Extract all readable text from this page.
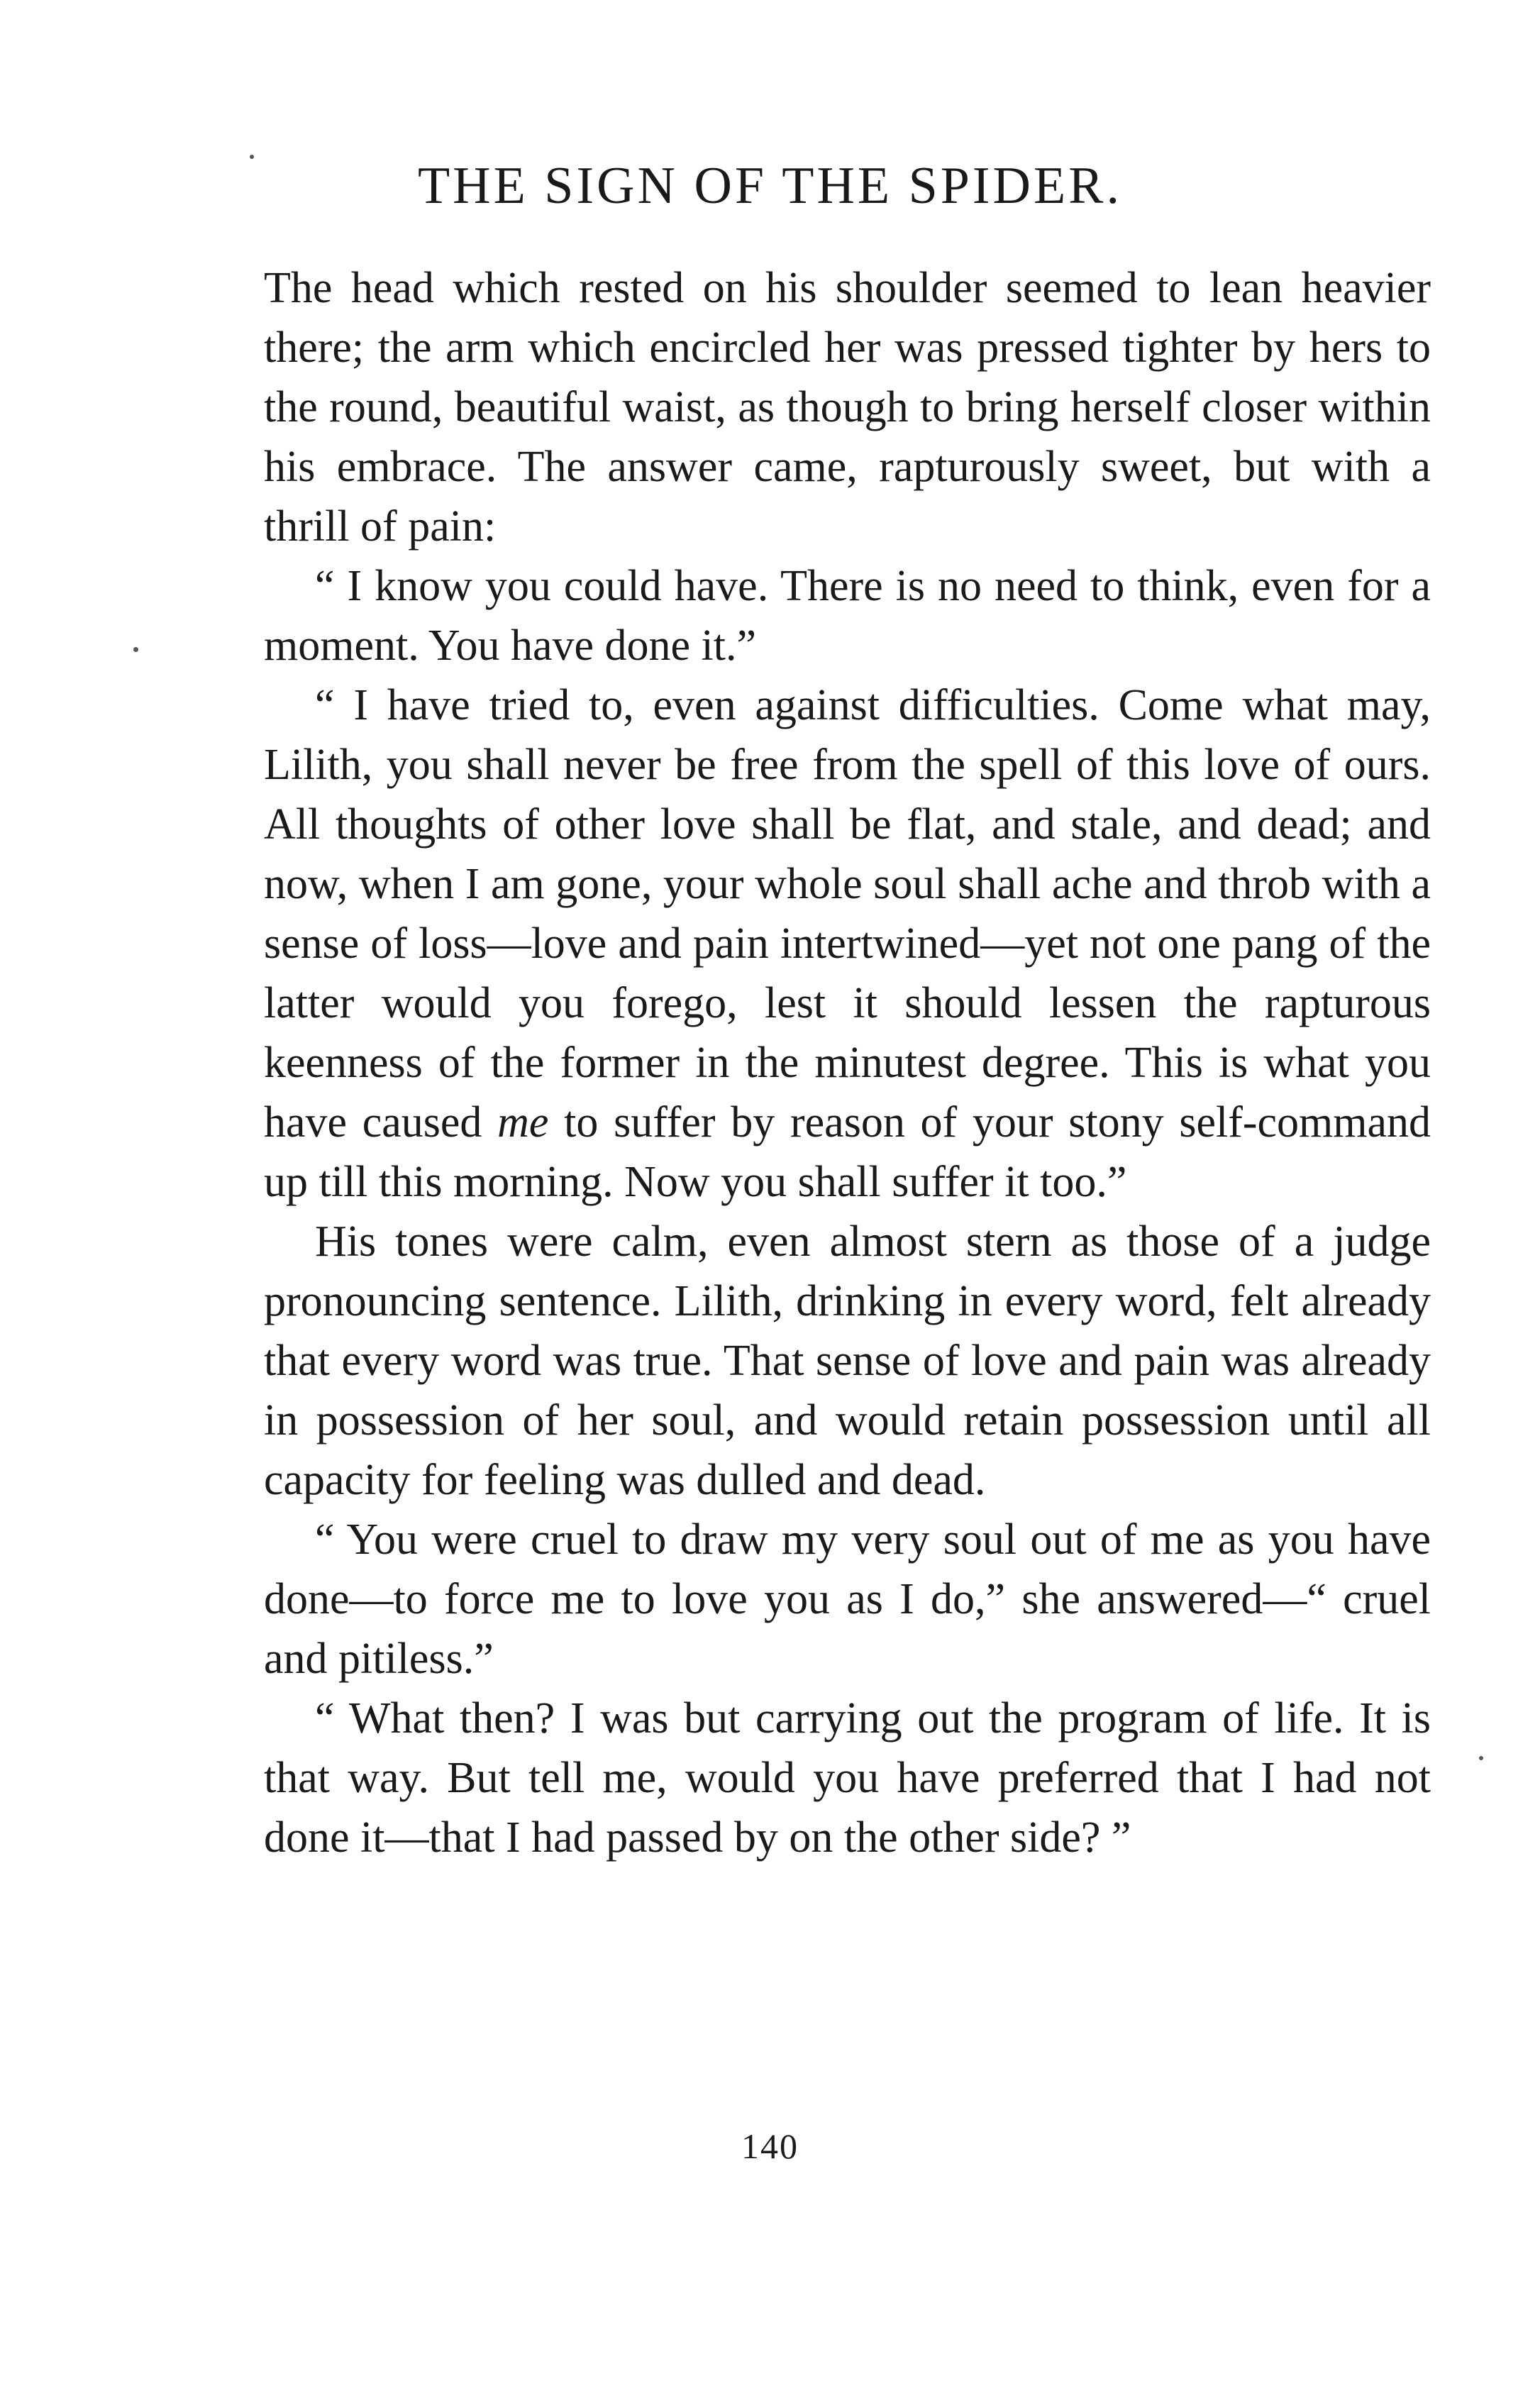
THE SIGN OF THE SPIDER.

The head which rested on his shoulder seemed to lean heavier there; the arm which encircled her was pressed tighter by hers to the round, beautiful waist, as though to bring herself closer within his embrace. The answer came, rapturously sweet, but with a thrill of pain:

“ I know you could have. There is no need to think, even for a moment. You have done it.”

“ I have tried to, even against difficulties. Come what may, Lilith, you shall never be free from the spell of this love of ours. All thoughts of other love shall be flat, and stale, and dead; and now, when I am gone, your whole soul shall ache and throb with a sense of loss—love and pain intertwined—yet not one pang of the latter would you forego, lest it should lessen the rapturous keenness of the former in the minutest degree. This is what you have caused me to suffer by reason of your stony self-command up till this morning. Now you shall suffer it too.”

His tones were calm, even almost stern as those of a judge pronouncing sentence. Lilith, drinking in every word, felt already that every word was true. That sense of love and pain was already in possession of her soul, and would retain possession until all capacity for feeling was dulled and dead.

“ You were cruel to draw my very soul out of me as you have done—to force me to love you as I do,” she answered—“ cruel and pitiless.”

“ What then? I was but carrying out the program of life. It is that way. But tell me, would you have preferred that I had not done it—that I had passed by on the other side? ”

140
